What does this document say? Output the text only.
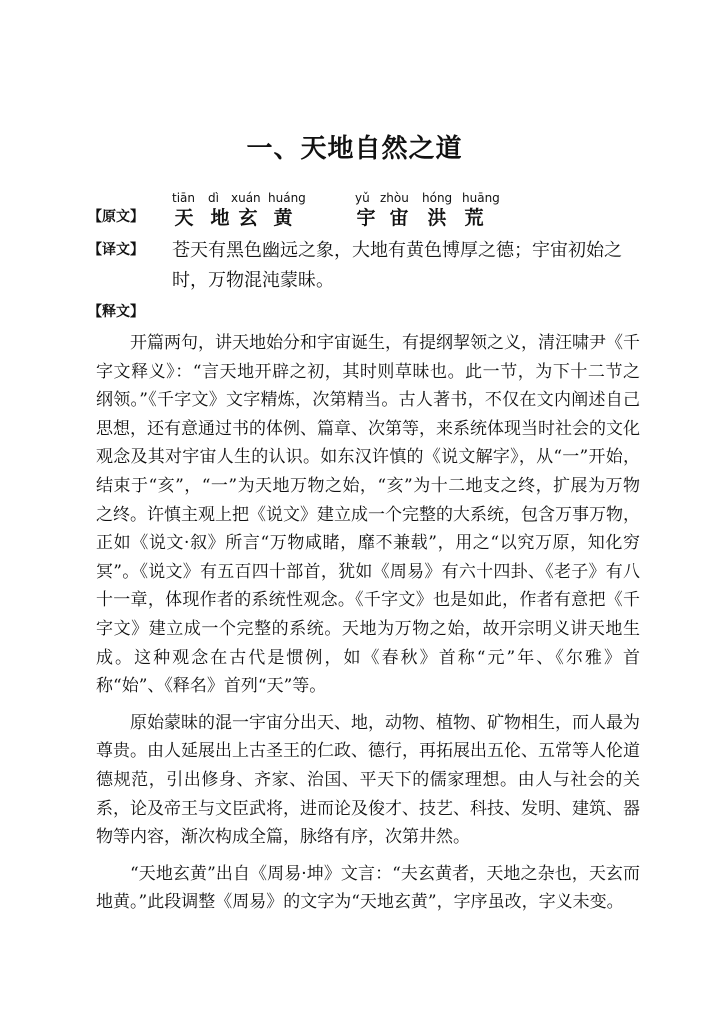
一、天地自然之道
tiān dì xuán huáng	yǔ zhòu hóng huāng
【原文】 天 地 玄 黄	宇 宙 洪 荒
【译文】 苍天有黑色幽远之象，大地有黄色博厚之德；宇宙初始之时，万物混沌蒙昧。
【释文】

开篇两句，讲天地始分和宇宙诞生，有提纲挈领之义，清汪啸尹《千字文释义》：“言天地开辟之初，其时则草昧也。此一节，为下十二节之纲领。”《千字文》文字精炼，次第精当。古人著书，不仅在文内阐述自己思想，还有意通过书的体例、篇章、次第等，来系统体现当时社会的文化观念及其对宇宙人生的认识。如东汉许慎的《说文解字》，从“一”开始，结束于“亥”，“一”为天地万物之始，“亥”为十二地支之终，扩展为万物之终。许慎主观上把《说文》建立成一个完整的大系统，包含万事万物，正如《说文·叙》所言“万物咸睹，靡不兼载”，用之“以究万原，知化穷冥”。《说文》有五百四十部首，犹如《周易》有六十四卦、《老子》有八十一章，体现作者的系统性观念。《千字文》也是如此，作者有意把《千字文》建立成一个完整的系统。天地为万物之始，故开宗明义讲天地生成。这种观念在古代是惯例，如《春秋》首称“元”年、《尔雅》首称“始”、《释名》首列“天”等。

原始蒙昧的混一宇宙分出天、地，动物、植物、矿物相生，而人最为尊贵。由人延展出上古圣王的仁政、德行，再拓展出五伦、五常等人伦道德规范，引出修身、齐家、治国、平天下的儒家理想。由人与社会的关系，论及帝王与文臣武将，进而论及俊才、技艺、科技、发明、建筑、器物等内容，渐次构成全篇，脉络有序，次第井然。

“天地玄黄”出自《周易·坤》文言：“夫玄黄者，天地之杂也，天玄而地黄。”此段调整《周易》的文字为“天地玄黄”，字序虽改，字义未变。
